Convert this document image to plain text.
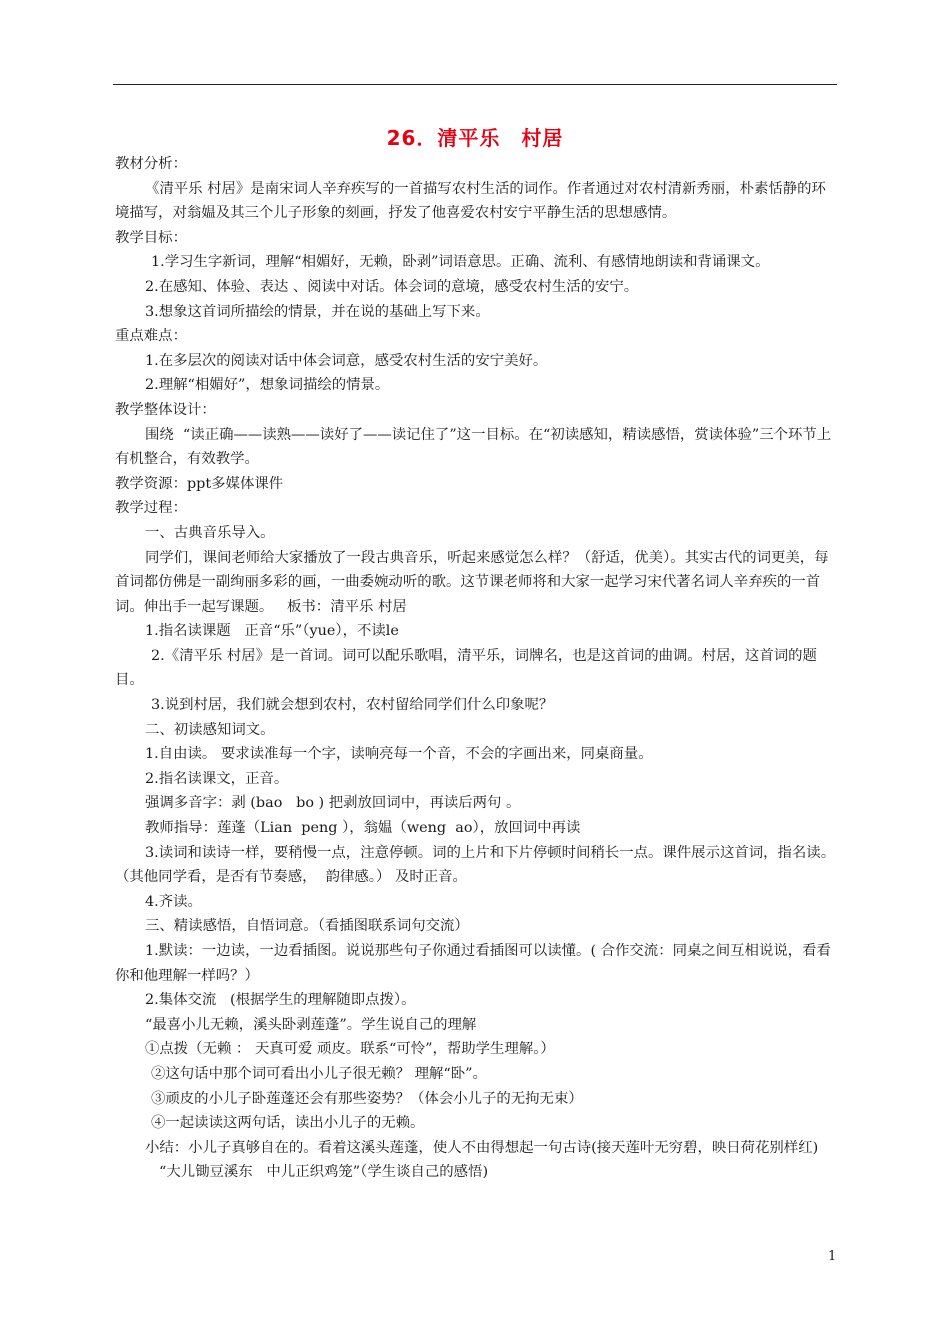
26．清平乐　村居

教材分析：

《清平乐 村居》是南宋词人辛弃疾写的一首描写农村生活的词作。作者通过对农村清新秀丽，朴素恬静的环境描写，对翁媪及其三个儿子形象的刻画，抒发了他喜爱农村安宁平静生活的思想感情。

教学目标：

1.学习生字新词，理解“相媚好，无赖，卧剥”词语意思。正确、流利、有感情地朗读和背诵课文。

2.在感知、体验、表达 、阅读中对话。体会词的意境，感受农村生活的安宁。

3.想象这首词所描绘的情景，并在说的基础上写下来。

重点难点：

1.在多层次的阅读对话中体会词意，感受农村生活的安宁美好。

2.理解“相媚好”，想象词描绘的情景。

教学整体设计：

围绕  “读正确——读熟——读好了——读记住了”这一目标。在“初读感知，精读感悟，赏读体验”三个环节上有机整合，有效教学。

教学资源：ppt多媒体课件

教学过程：

一、古典音乐导入。

同学们，课间老师给大家播放了一段古典音乐，听起来感觉怎么样？（舒适，优美）。其实古代的词更美，每首词都仿佛是一副绚丽多彩的画，一曲委婉动听的歌。这节课老师将和大家一起学习宋代著名词人辛弃疾的一首词。伸出手一起写课题。   板书：清平乐 村居

1.指名读课题   正音“乐”（yue），不读le

2.《清平乐 村居》是一首词。词可以配乐歌唱，清平乐，词牌名，也是这首词的曲调。村居，这首词的题目。

3.说到村居，我们就会想到农村，农村留给同学们什么印象呢？

二、初读感知词文。

1.自由读。 要求读准每一个字，读响亮每一个音，不会的字画出来，同桌商量。

2.指名读课文，正音。

强调多音字：剥 (bao   bo ) 把剥放回词中，再读后两句 。

教师指导：莲蓬（Lian  peng ），翁媪（weng  ao），放回词中再读

3.读词和读诗一样，要稍慢一点，注意停顿。词的上片和下片停顿时间稍长一点。课件展示这首词，指名读。（其他同学看，是否有节奏感，  韵律感。） 及时正音。

4.齐读。

三、精读感悟，自悟词意。（看插图联系词句交流）

1.默读：一边读，一边看插图。说说那些句子你通过看插图可以读懂。( 合作交流：同桌之间互相说说，看看你和他理解一样吗？）

2.集体交流   (根据学生的理解随即点拨）。

“最喜小儿无赖，溪头卧剥莲蓬”。学生说自己的理解

①点拨（无赖 ： 天真可爱 顽皮。联系“可怜”，帮助学生理解。）

②这句话中那个词可看出小儿子很无赖？ 理解“卧”。

③顽皮的小儿子卧莲蓬还会有那些姿势？（体会小儿子的无拘无束）

④一起读读这两句话，读出小儿子的无赖。

小结：小儿子真够自在的。看着这溪头莲蓬，使人不由得想起一句古诗(接天莲叶无穷碧，映日荷花别样红)

“大儿锄豆溪东   中儿正织鸡笼”（学生谈自己的感悟)

1
